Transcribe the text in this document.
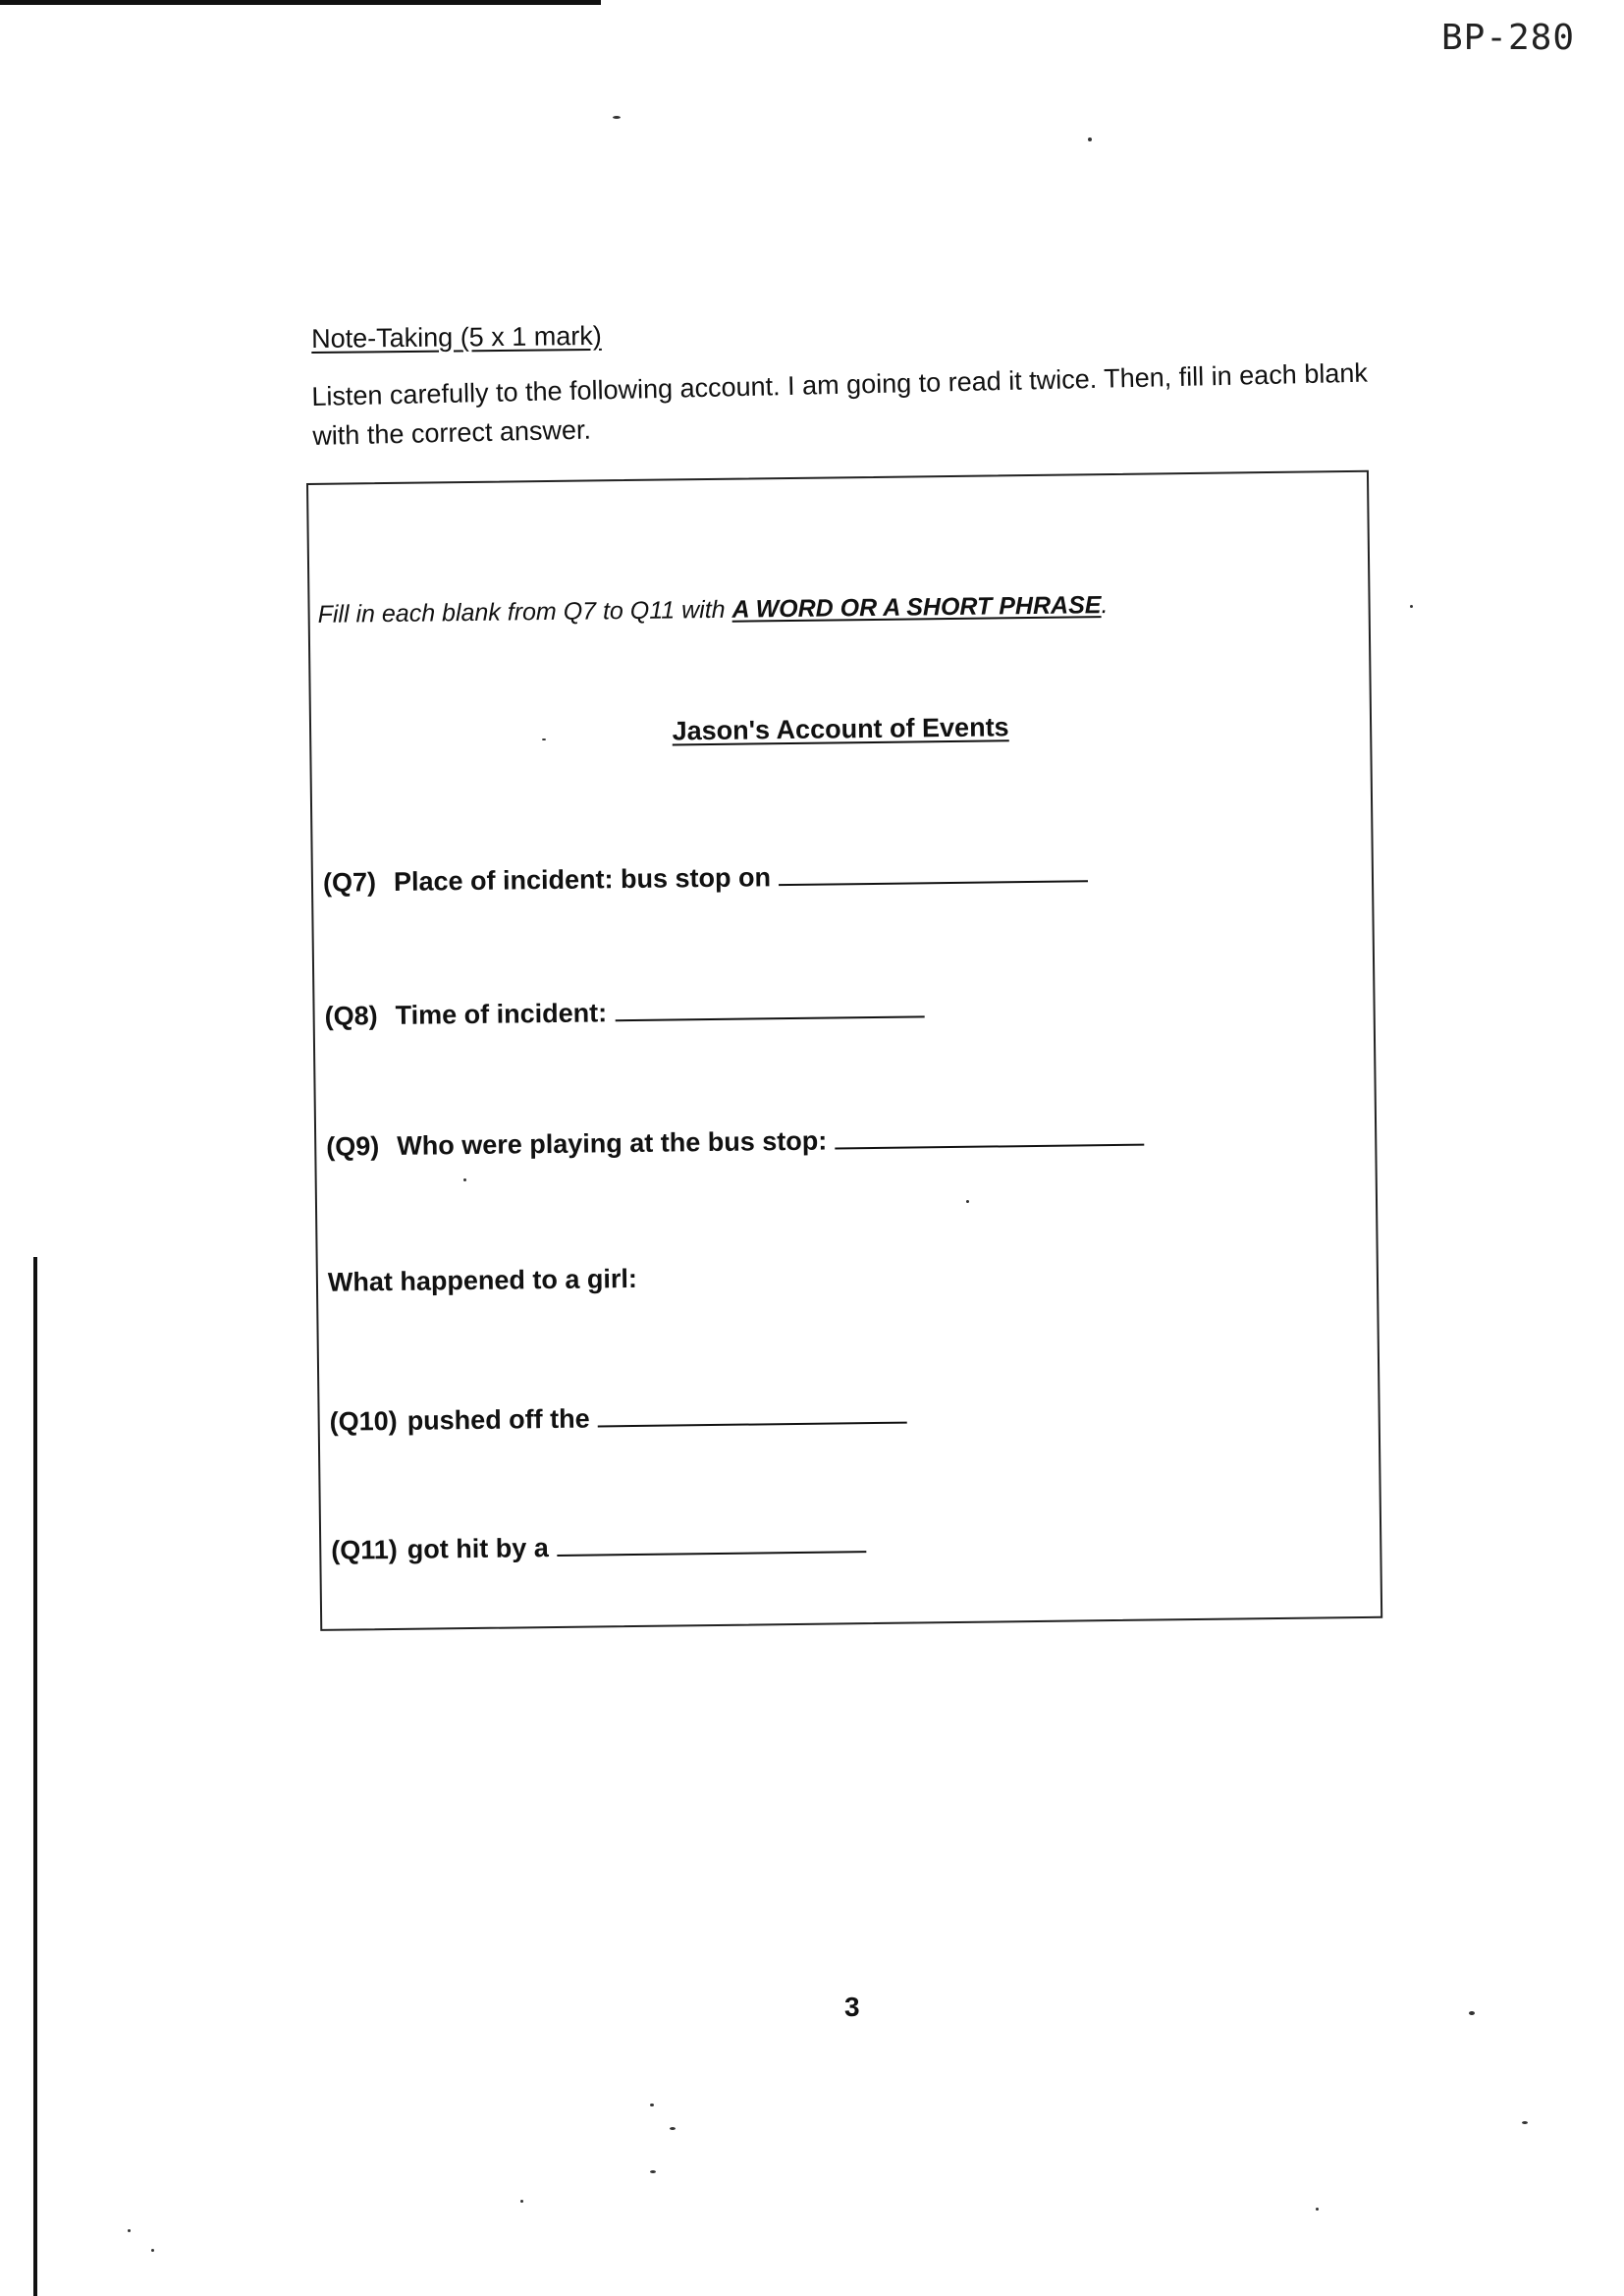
BP-280
Note-Taking (5 x 1 mark)
Listen carefully to the following account. I am going to read it twice. Then, fill in each blank with the correct answer.
Fill in each blank from Q7 to Q11 with A WORD OR A SHORT PHRASE.
Jason's Account of Events
(Q7) Place of incident: bus stop on
(Q8) Time of incident:
(Q9) Who were playing at the bus stop:
What happened to a girl:
(Q10) pushed off the
(Q11) got hit by a
3
